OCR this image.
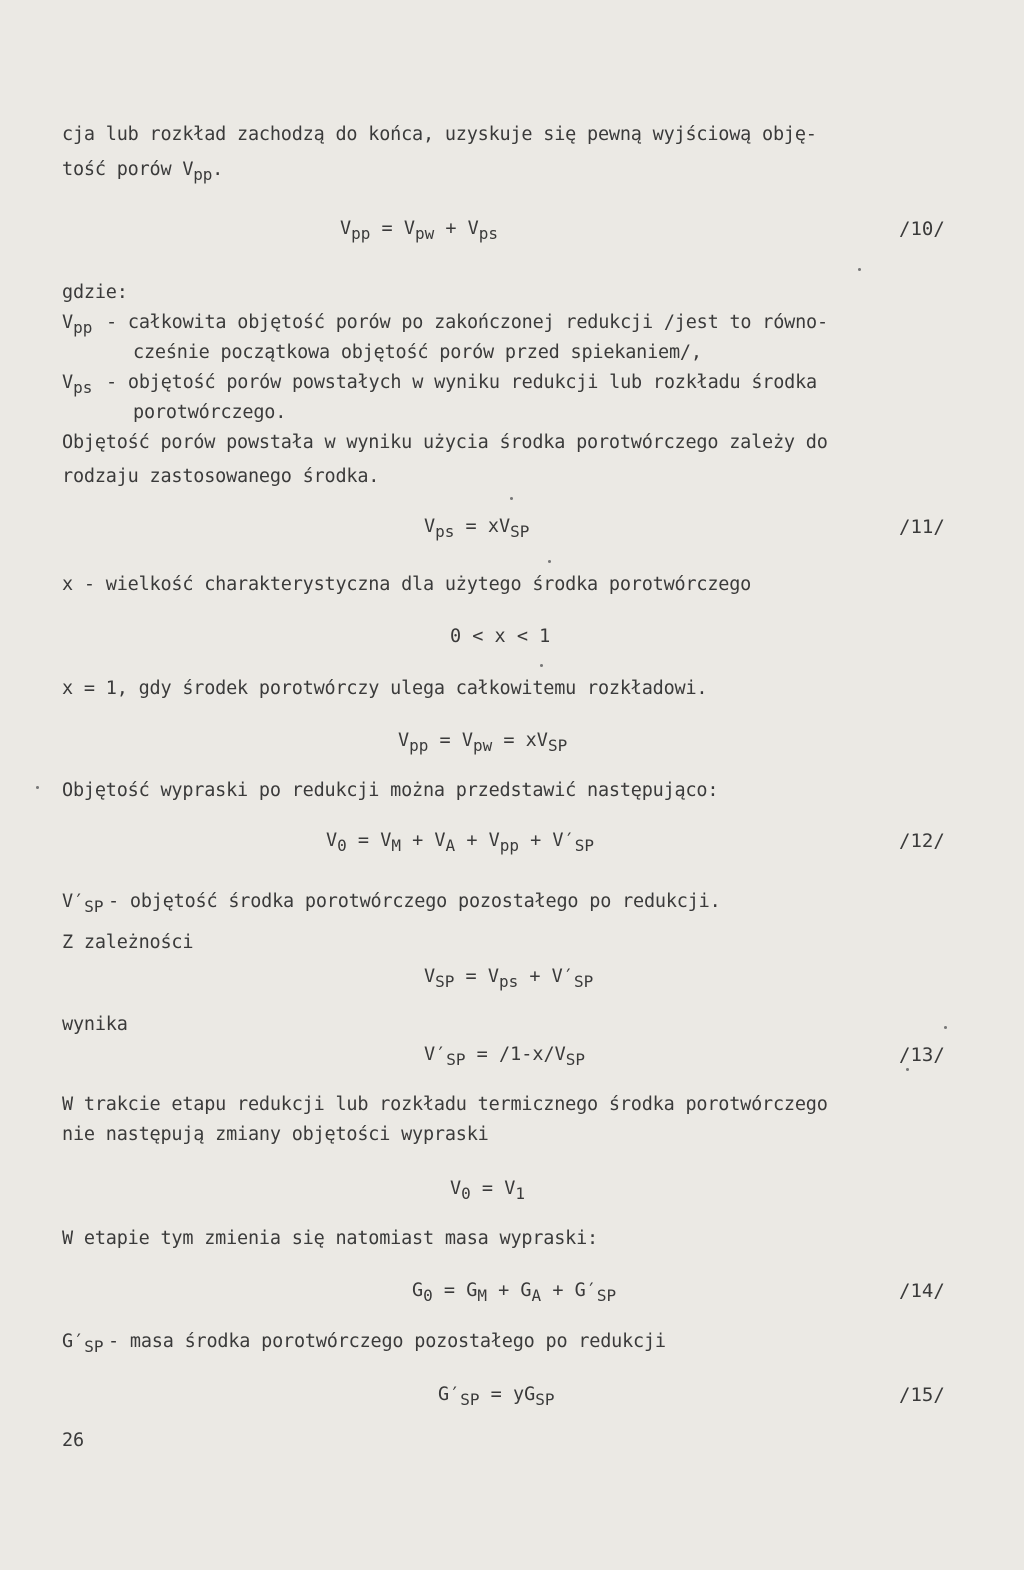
cja lub rozkład zachodzą do końca, uzyskuje się pewną wyjściową obję-
tość porów $V_{pp}$.
$V_{pp} = V_{pw} + V_{ps}$	/10/
gdzie:
$V_{pp}$ - całkowita objętość porów po zakończonej redukcji /jest to równo-
cześnie początkowa objętość porów przed spiekaniem/,
$V_{ps}$ - objętość porów powstałych w wyniku redukcji lub rozkładu środka
porotwórczego.
Objętość porów powstała w wyniku użycia środka porotwórczego zależy do
rodzaju zastosowanego środka.
$V_{ps} = xV_{SP}$	/11/
x - wielkość charakterystyczna dla użytego środka porotwórczego
0 < x < 1
x = 1, gdy środek porotwórczy ulega całkowitemu rozkładowi.
$V_{pp} = V_{pw} = xV_{SP}$
Objętość wypraski po redukcji można przedstawić następująco:
$V_0 = V_M + V_A + V_{pp} + V'_{SP}$	/12/
$V'_{SP}$ - objętość środka porotwórczego pozostałego po redukcji.
Z zależności
$V_{SP} = V_{ps} + V'_{SP}$
wynika
$V'_{SP} = /1-x/V_{SP}$	/13/
W trakcie etapu redukcji lub rozkładu termicznego środka porotwórczego
nie następują zmiany objętości wypraski
$V_0 = V_1$
W etapie tym zmienia się natomiast masa wypraski:
$G_0 = G_M + G_A + G'_{SP}$	/14/
$G'_{SP}$ - masa środka porotwórczego pozostałego po redukcji
$G'_{SP} = yG_{SP}$	/15/
26
